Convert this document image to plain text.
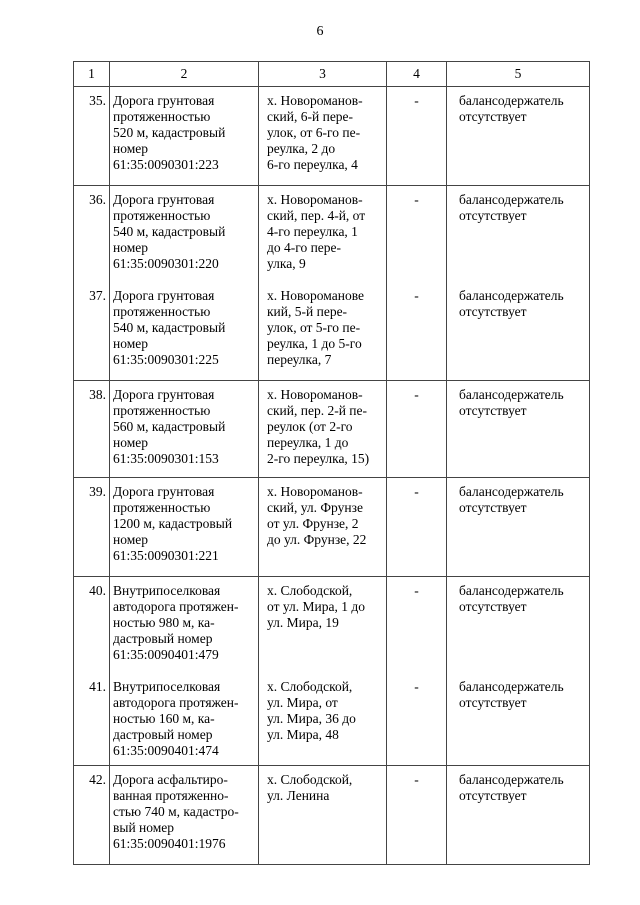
6
1	2	3	4	5

35.	Дорога грунтовая
протяженностью
520 м, кадастровый
номер
61:35:0090301:223	х. Новороманов-
ский, 6-й пере-
улок, от 6-го пе-
реулка, 2 до
6-го переулка, 4	-	балансодержатель
отсутствует

36.	Дорога грунтовая
протяженностью
540 м, кадастровый
номер
61:35:0090301:220	х. Новороманов-
ский, пер. 4-й, от
4-го переулка, 1
до 4-го пере-
улка, 9	-	балансодержатель
отсутствует

37.	Дорога грунтовая
протяженностью
540 м, кадастровый
номер
61:35:0090301:225	х. Новороманове
кий, 5-й пере-
улок, от 5-го пе-
реулка, 1 до 5-го
переулка, 7	-	балансодержатель
отсутствует

38.	Дорога грунтовая
протяженностью
560 м, кадастровый
номер
61:35:0090301:153	х. Новороманов-
ский, пер. 2-й пе-
реулок (от 2-го
переулка, 1 до
2-го переулка, 15)	-	балансодержатель
отсутствует

39.	Дорога грунтовая
протяженностью
1200 м, кадастровый
номер
61:35:0090301:221	х. Новороманов-
ский, ул. Фрунзе
от ул. Фрунзе, 2
до ул. Фрунзе, 22	-	балансодержатель
отсутствует

40.	Внутрипоселковая
автодорога протяжен-
ностью 980 м, ка-
дастровый номер
61:35:0090401:479	х. Слободской,
от ул. Мира, 1 до
ул. Мира, 19	-	балансодержатель
отсутствует

41.	Внутрипоселковая
автодорога протяжен-
ностью 160 м, ка-
дастровый номер
61:35:0090401:474	х. Слободской,
ул. Мира, от
ул. Мира, 36 до
ул. Мира, 48	-	балансодержатель
отсутствует

42.	Дорога асфальтиро-
ванная протяженно-
стью 740 м, кадастро-
вый номер
61:35:0090401:1976	х. Слободской,
ул. Ленина	-	балансодержатель
отсутствует
